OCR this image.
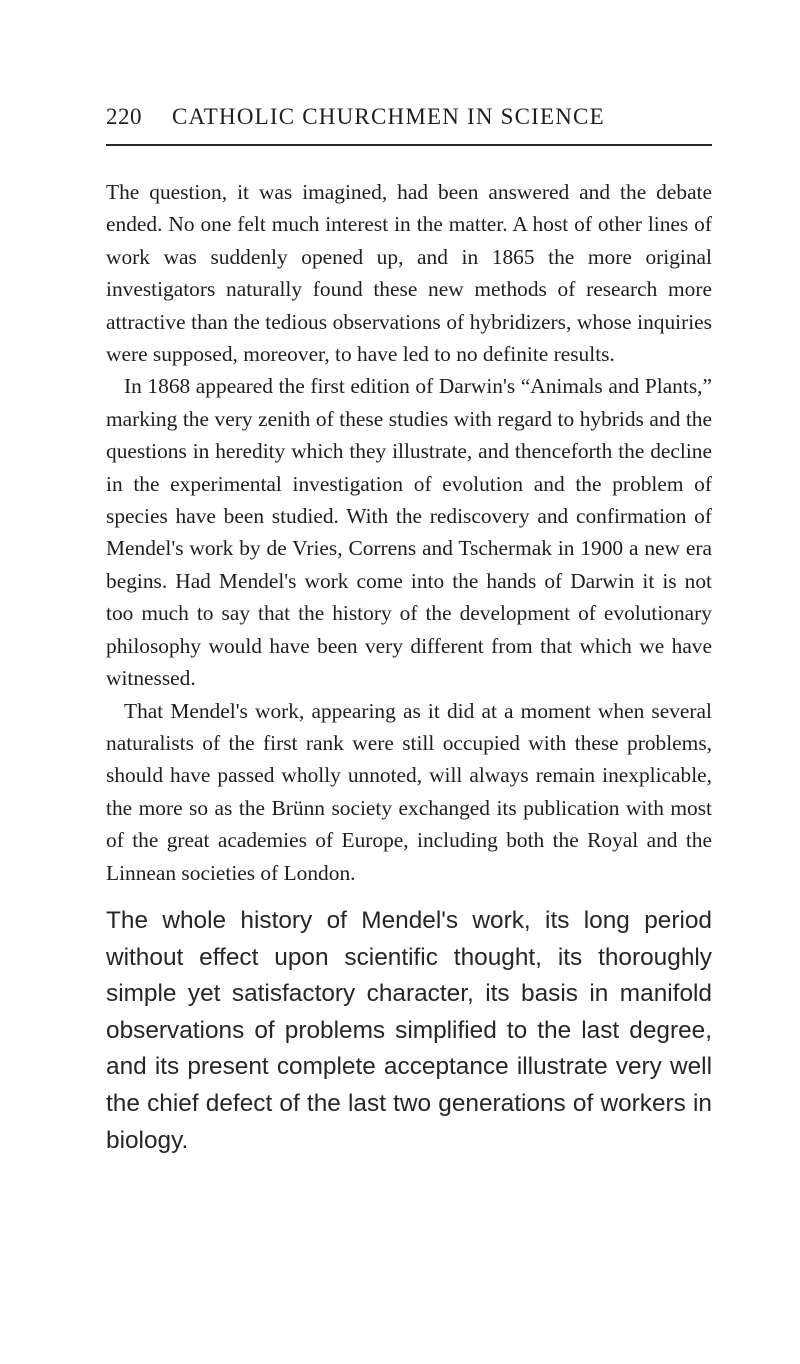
220 CATHOLIC CHURCHMEN IN SCIENCE

The question, it was imagined, had been answered and the debate ended. No one felt much interest in the matter. A host of other lines of work was suddenly opened up, and in 1865 the more original investigators naturally found these new methods of research more attractive than the tedious observations of hybridizers, whose inquiries were supposed, moreover, to have led to no definite results.

In 1868 appeared the first edition of Darwin's “Animals and Plants,” marking the very zenith of these studies with regard to hybrids and the questions in heredity which they illustrate, and thenceforth the decline in the experimental investigation of evolution and the problem of species have been studied. With the rediscovery and confirmation of Mendel's work by de Vries, Correns and Tschermak in 1900 a new era begins. Had Mendel's work come into the hands of Darwin it is not too much to say that the history of the development of evolutionary philosophy would have been very different from that which we have witnessed.

That Mendel's work, appearing as it did at a moment when several naturalists of the first rank were still occupied with these problems, should have passed wholly unnoted, will always remain inexplicable, the more so as the Brünn society exchanged its publication with most of the great academies of Europe, including both the Royal and the Linnean societies of London.

The whole history of Mendel's work, its long period without effect upon scientific thought, its thoroughly simple yet satisfactory character, its basis in manifold observations of problems simplified to the last degree, and its present complete acceptance illustrate very well the chief defect of the last two generations of workers in biology.
